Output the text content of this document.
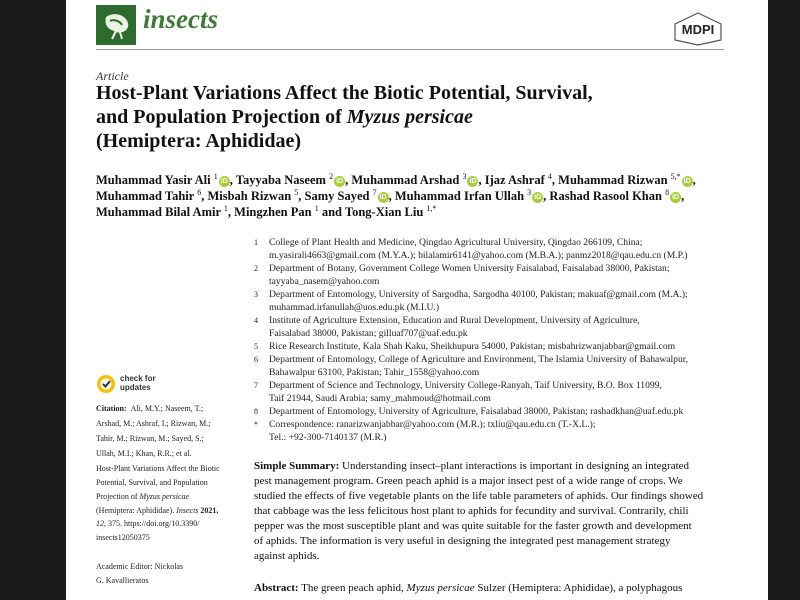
insects	MDPI
Article
Host-Plant Variations Affect the Biotic Potential, Survival,
and Population Projection of Myzus persicae
(Hemiptera: Aphididae)
Muhammad Yasir Ali $^1$iD , Tayyaba Naseem $^2$iD , Muhammad Arshad $^3$iD , Ijaz Ashraf $^4$, Muhammad Rizwan $^{5,*}$iD ,
Muhammad Tahir $^6$, Misbah Rizwan $^5$, Samy Sayed $^7$iD , Muhammad Irfan Ullah $^3$iD , Rashad Rasool Khan $^8$iD ,
Muhammad Bilal Amir $^1$, Mingzhen Pan $^1$ and Tong-Xian Liu $^{1,*}$
1 College of Plant Health and Medicine, Qingdao Agricultural University, Qingdao 266109, China;
m.yasirali4663@gmail.com (M.Y.A.); bilalamir6141@yahoo.com (M.B.A.); panmz2018@qau.edu.cn (M.P.)
2 Department of Botany, Government College Women University Faisalabad, Faisalabad 38000, Pakistan;
tayyaba_nasem@yahoo.com
3 Department of Entomology, University of Sargodha, Sargodha 40100, Pakistan; makuaf@gmail.com (M.A.);
muhammad.irfanullah@uos.edu.pk (M.I.U.)
4 Institute of Agriculture Extension, Education and Rural Development, University of Agriculture,
Faisalabad 38000, Pakistan; gilluaf707@uaf.edu.pk
5 Rice Research Institute, Kala Shah Kaku, Sheikhupura 54000, Pakistan; misbahrizwanjabbar@gmail.com
6 Department of Entomology, College of Agriculture and Environment, The Islamia University of Bahawalpur,
Bahawalpur 63100, Pakistan; Tahir_1558@yahoo.com
7 Department of Science and Technology, University College-Ranyah, Taif University, B.O. Box 11099,
Taif 21944, Saudi Arabia; samy_mahmoud@hotmail.com
8 Department of Entomology, University of Agriculture, Faisalabad 38000, Pakistan; rashadkhan@uaf.edu.pk
* Correspondence: ranarizwanjabbar@yahoo.com (M.R.); txliu@qau.edu.cn (T.-X.L.);
Tel.: +92-300-7140137 (M.R.)
check for
updates
Citation: Ali, M.Y.; Naseem, T.;
Arshad, M.; Ashraf, I.; Rizwan, M.;
Tahir, M.; Rizwan, M.; Sayed, S.;
Ullah, M.I.; Khan, R.R.; et al.
Host-Plant Variations Affect the Biotic
Potential, Survival, and Population
Projection of Myzus persicae
(Hemiptera: Aphididae). Insects 2021,
12, 375. https://doi.org/10.3390/
insects12050375
Academic Editor: Nickolas
G. Kavallieratos
Simple Summary: Understanding insect–plant interactions is important in designing an integrated
pest management program. Green peach aphid is a major insect pest of a wide range of crops. We
studied the effects of five vegetable plants on the life table parameters of aphids. Our findings showed
that cabbage was the less felicitous host plant to aphids for fecundity and survival. Contrarily, chili
pepper was the most susceptible plant and was quite suitable for the faster growth and development
of aphids. The information is very useful in designing the integrated pest management strategy
against aphids.
Abstract: The green peach aphid, Myzus persicae Sulzer (Hemiptera: Aphididae), a polyphagous
